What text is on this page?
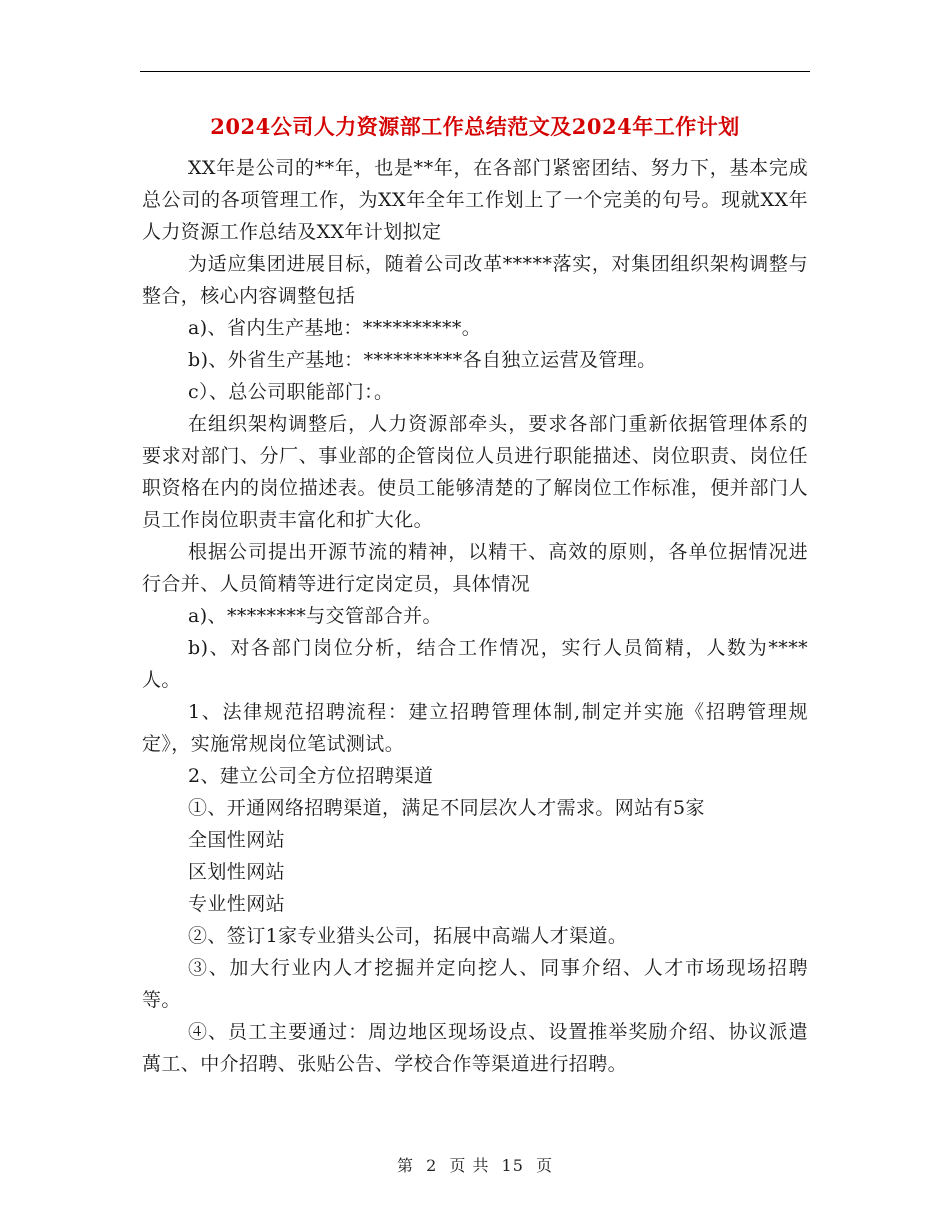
2024公司人力资源部工作总结范文及2024年工作计划

XX年是公司的**年，也是**年，在各部门紧密团结、努力下，基本完成总公司的各项管理工作，为XX年全年工作划上了一个完美的句号。现就XX年人力资源工作总结及XX年计划拟定

为适应集团进展目标，随着公司改革*****落实，对集团组织架构调整与整合，核心内容调整包括

a)、省内生产基地：**********。

b)、外省生产基地：**********各自独立运营及管理。

c）、总公司职能部门：。

在组织架构调整后，人力资源部牵头，要求各部门重新依据管理体系的要求对部门、分厂、事业部的企管岗位人员进行职能描述、岗位职责、岗位任职资格在内的岗位描述表。使员工能够清楚的了解岗位工作标准，便并部门人员工作岗位职责丰富化和扩大化。

根据公司提出开源节流的精神，以精干、高效的原则，各单位据情况进行合并、人员简精等进行定岗定员，具体情况

a)、********与交管部合并。

b)、对各部门岗位分析，结合工作情况，实行人员简精，人数为****人。

1、法律规范招聘流程：建立招聘管理体制,制定并实施《招聘管理规定》，实施常规岗位笔试测试。

2、建立公司全方位招聘渠道

①、开通网络招聘渠道，满足不同层次人才需求。网站有5家

全国性网站

区划性网站

专业性网站

②、签订1家专业猎头公司，拓展中高端人才渠道。

③、加大行业内人才挖掘并定向挖人、同事介绍、人才市场现场招聘等。

④、员工主要通过：周边地区现场设点、设置推举奖励介绍、协议派遣萬工、中介招聘、张贴公告、学校合作等渠道进行招聘。

第 2 页 共 15 页
